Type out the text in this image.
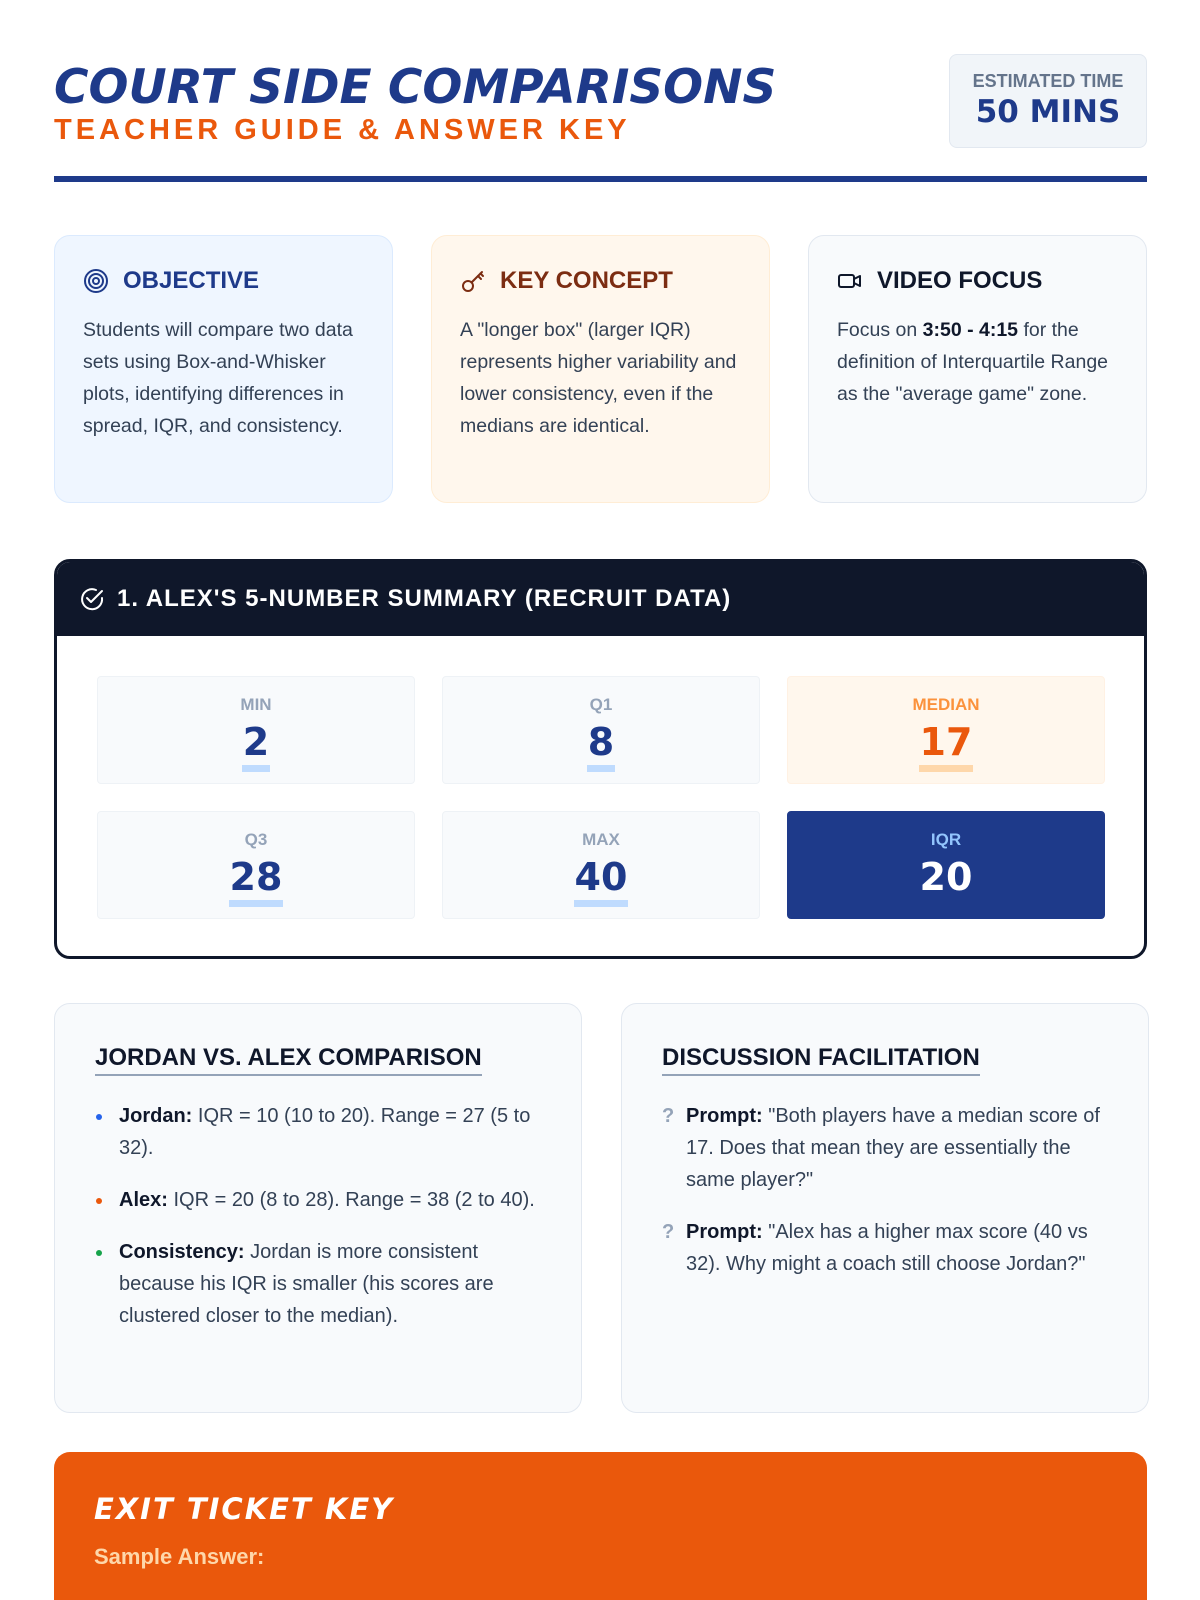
COURT SIDE COMPARISONS
TEACHER GUIDE & ANSWER KEY
ESTIMATED TIME
50 MINS
OBJECTIVE
Students will compare two data sets using Box-and-Whisker plots, identifying differences in spread, IQR, and consistency.
KEY CONCEPT
A "longer box" (larger IQR) represents higher variability and lower consistency, even if the medians are identical.
VIDEO FOCUS
Focus on 3:50 - 4:15 for the definition of Interquartile Range as the "average game" zone.
1. ALEX'S 5-NUMBER SUMMARY (RECRUIT DATA)
MIN
2
Q1
8
MEDIAN
17
Q3
28
MAX
40
IQR
20
JORDAN VS. ALEX COMPARISON
Jordan: IQR = 10 (10 to 20). Range = 27 (5 to 32).
Alex: IQR = 20 (8 to 28). Range = 38 (2 to 40).
Consistency: Jordan is more consistent because his IQR is smaller (his scores are clustered closer to the median).
DISCUSSION FACILITATION
? Prompt: "Both players have a median score of 17. Does that mean they are essentially the same player?"
? Prompt: "Alex has a higher max score (40 vs 32). Why might a coach still choose Jordan?"
EXIT TICKET KEY
Sample Answer:
